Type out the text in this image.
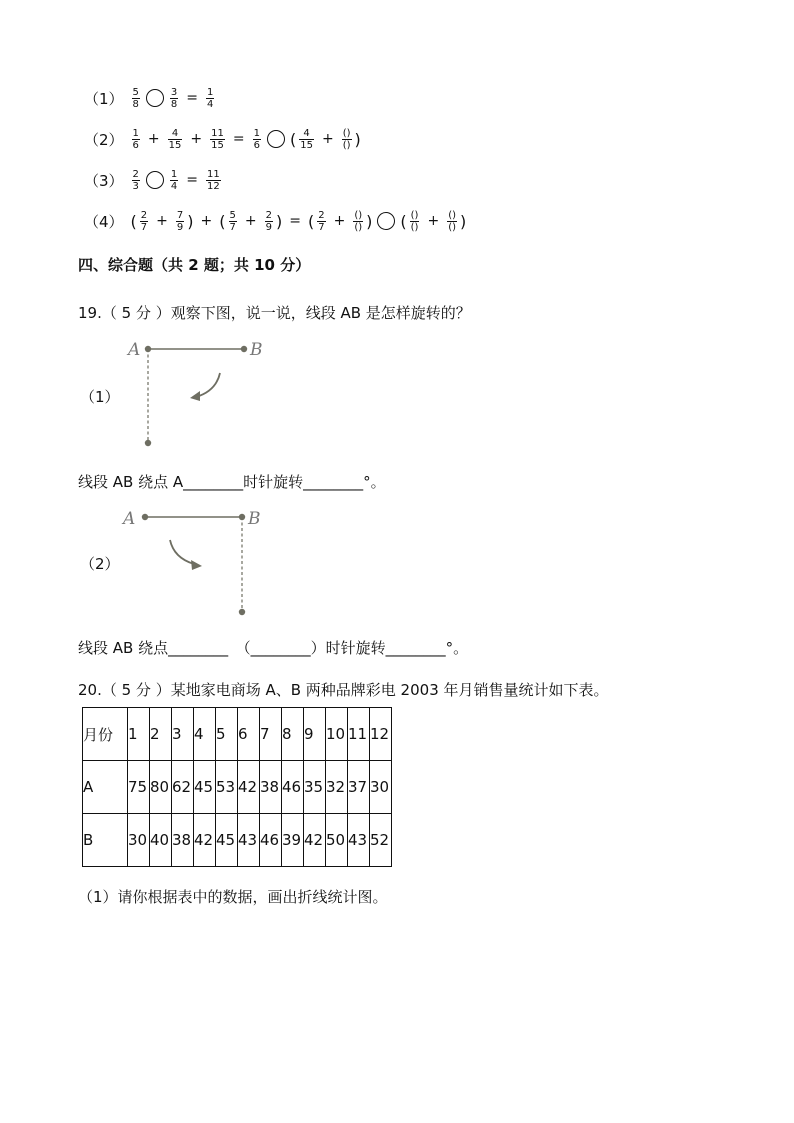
$(1) \frac{5}{8}$	$\frac{3}{8} = \frac{1}{4}$
$(2) \frac{1}{6} + \frac{4}{15} + \frac{11}{15} = \frac{1}{6}$ ( $\frac{4}{15} + \frac{()}{()}$ )
$(3) \frac{2}{3}$	$\frac{1}{4} = \frac{11}{12}$
（4） ( $\frac{2}{7} + \frac{7}{9}$ ) + ( $\frac{5}{7} + \frac{2}{9}$ ) = ( $\frac{2}{7} + \frac{()}{()}$ ) ( $\frac{()}{()} + \frac{()}{()}$ )
四、综合题（共 2 题；共 10 分）
19.（ 5 分 ）观察下图，说一说，线段 AB 是怎样旋转的？
（1）
A	B
线段 AB 绕点 A________时针旋转________°。
（2）
A	B
线段 AB 绕点________　（________）时针旋转________°。
20.（ 5 分 ）某地家电商场 A、B 两种品牌彩电 2003 年月销售量统计如下表。
月份	1	2	3	4	5	6	7	8	9	10	11	12
A	75	80	62	45	53	42	38	46	35	32	37	30
B	30	40	38	42	45	43	46	39	42	50	43	52
（1）请你根据表中的数据，画出折线统计图。
